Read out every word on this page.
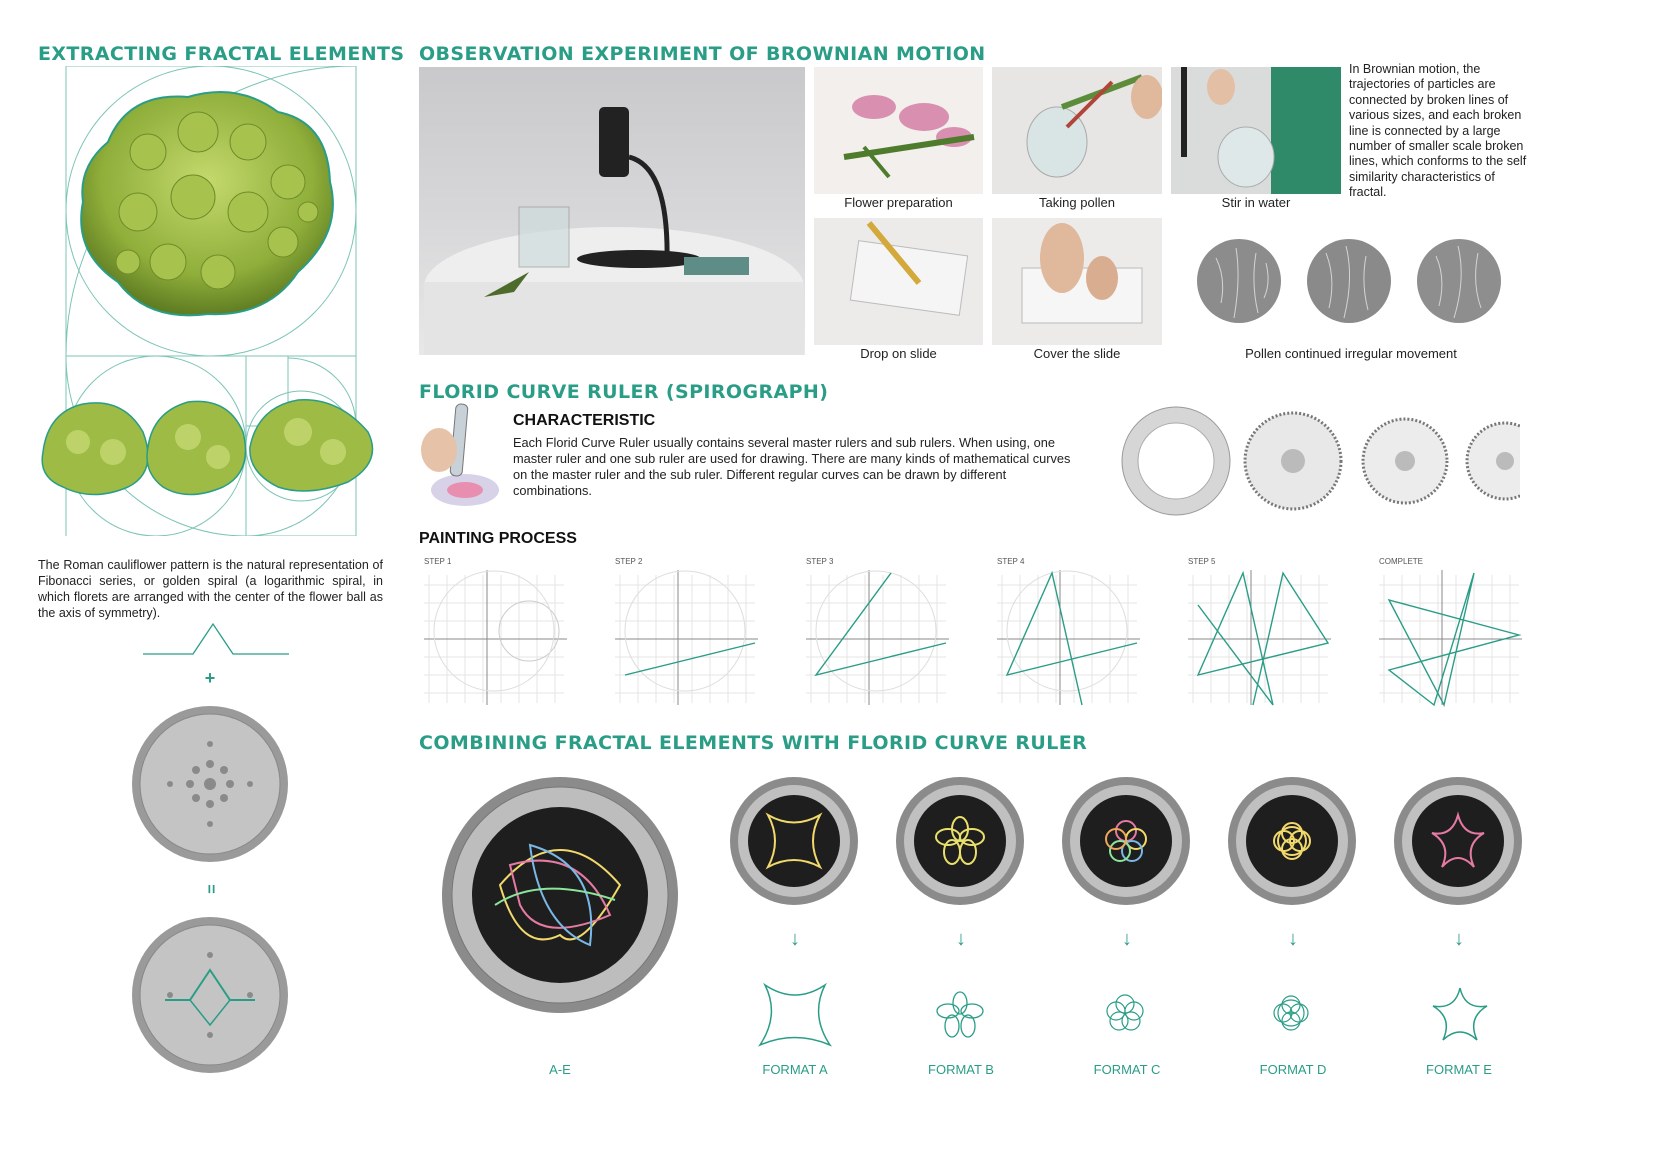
EXTRACTING FRACTAL ELEMENTS
The Roman cauliflower pattern is the natural representation of Fibonacci series, or golden spiral (a logarithmic spiral, in which florets are arranged with the center of the flower ball as the axis of symmetry).
+
=
OBSERVATION EXPERIMENT OF BROWNIAN MOTION
Flower preparation	Taking pollen	Stir in water
Drop on slide	Cover the slide
In Brownian motion, the trajectories of particles are connected by broken lines of various sizes, and each broken line is connected by a large number of smaller scale broken lines, which conforms to the self similarity characteristics of fractal.
Pollen continued irregular movement
FLORID CURVE RULER (SPIROGRAPH)
CHARACTERISTIC
Each Florid Curve Ruler usually contains several master rulers and sub rulers. When using, one master ruler and one sub ruler are used for drawing. There are many kinds of mathematical curves on the master ruler and the sub ruler. Different regular curves can be drawn by different combinations.
PAINTING PROCESS
STEP 1	STEP 2	STEP 3	STEP 4	STEP 5	COMPLETE
COMBINING FRACTAL ELEMENTS WITH FLORID CURVE RULER
↓	↓	↓	↓	↓
A-E	FORMAT A	FORMAT B	FORMAT C	FORMAT D	FORMAT E
